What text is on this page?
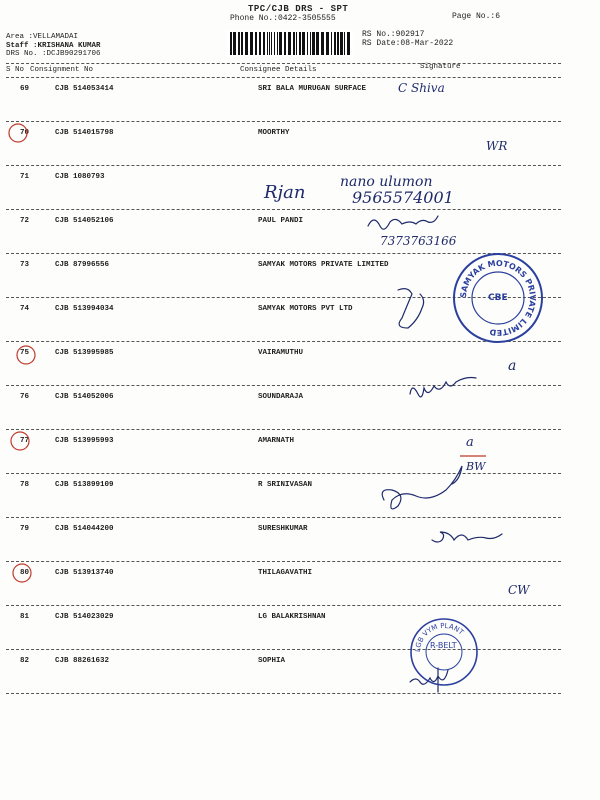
TPC/CJB DRS - SPT
Phone No.:0422-3505555	Page No.:6
RS No.:902917
RS Date:08-Mar-2022
Area :VELLAMADAI
Staff :KRISHANA KUMAR
DRS No. :DCJB90291706
S No Consignment No	Consignee Details	Signature
69	CJB 514053414	SRI BALA MURUGAN SURFACE
70	CJB 514015798	MOORTHY
71	CJB 1080793
72	CJB 514052106	PAUL PANDI
73	CJB 87996556	SAMYAK MOTORS PRIVATE LIMITED
74	CJB 513994034	SAMYAK MOTORS PVT LTD
75	CJB 513995985	VAIRAMUTHU
76	CJB 514052006	SOUNDARAJA
77	CJB 513995993	AMARNATH
78	CJB 513899109	R SRINIVASAN
79	CJB 514044200	SURESHKUMAR
80	CJB 513913740	THILAGAVATHI
81	CJB 514023029	LG BALAKRISHNAN
82	CJB 88261632	SOPHIA
WR
a
a
BW
CW
C Shiva
Rjan nano ulumon
9565574001
7373763166
SAMYAK MOTORS PRIVATE LIMITED
CBE
LGB VYM PLANT
R-BELT
